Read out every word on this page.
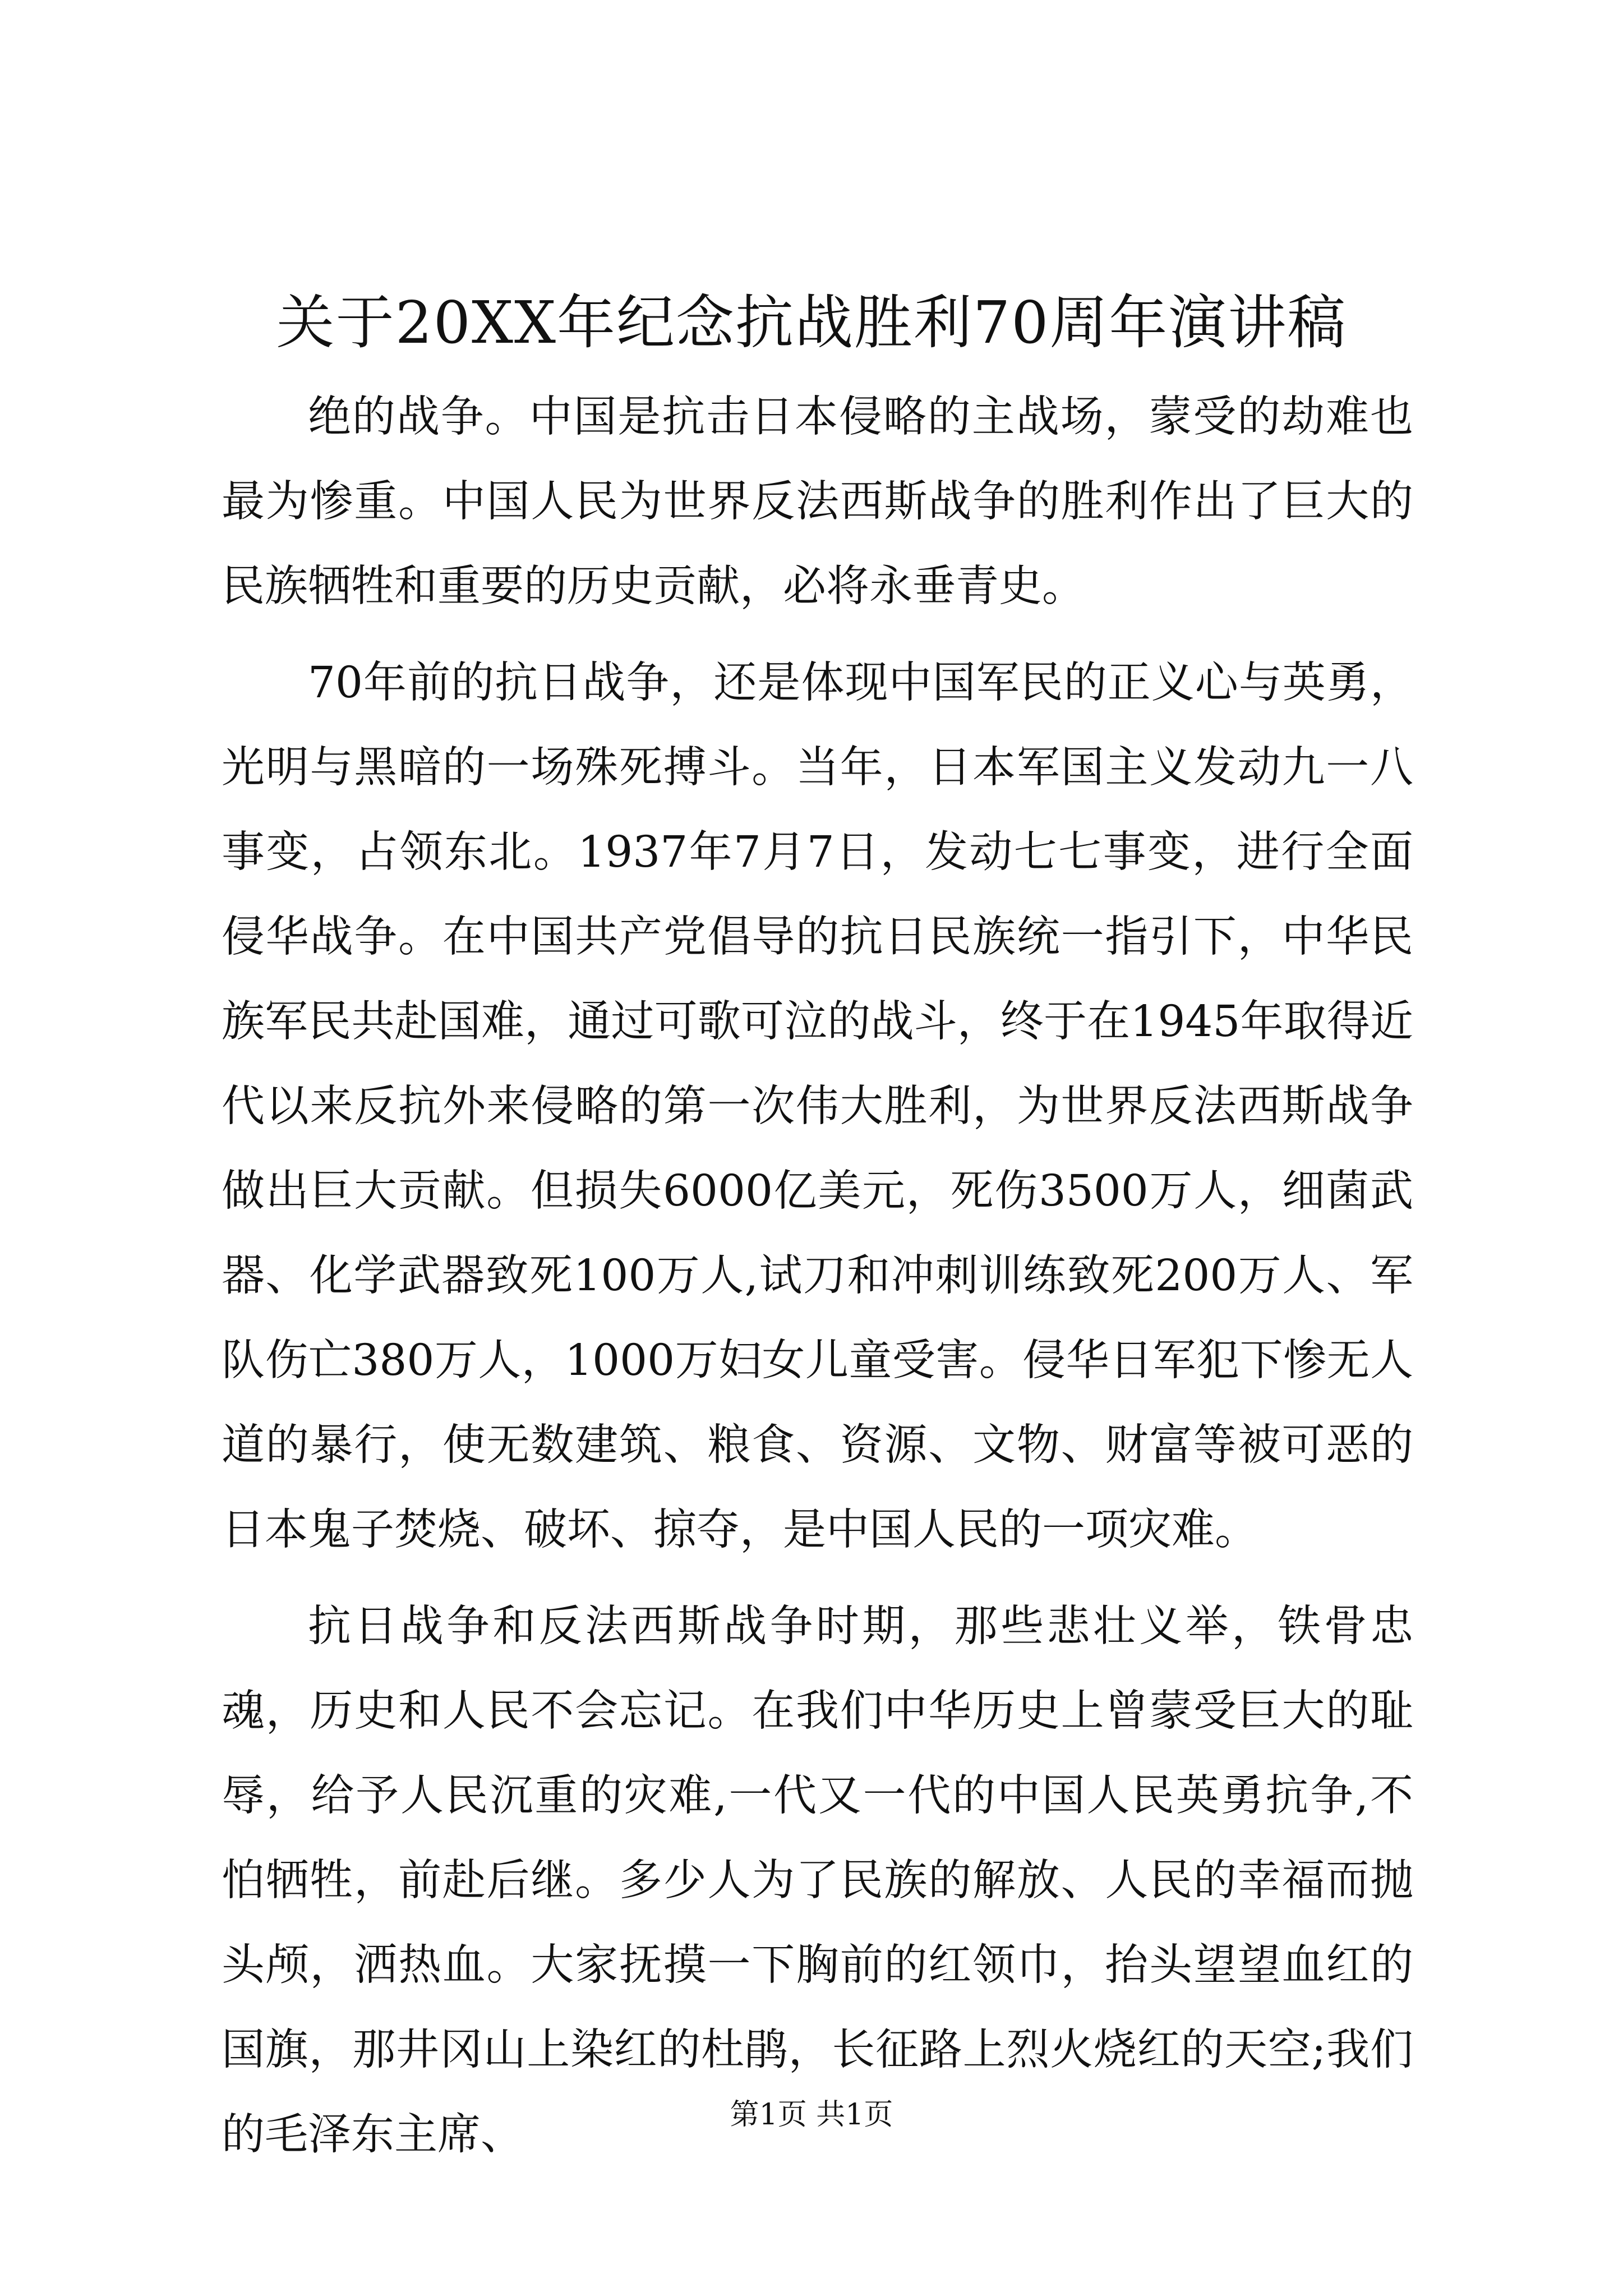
关于20XX年纪念抗战胜利70周年演讲稿

绝的战争。中国是抗击日本侵略的主战场，蒙受的劫难也最为惨重。中国人民为世界反法西斯战争的胜利作出了巨大的民族牺牲和重要的历史贡献，必将永垂青史。

70年前的抗日战争，还是体现中国军民的正义心与英勇，光明与黑暗的一场殊死搏斗。当年，日本军国主义发动九一八事变，占领东北。1937年7月7日，发动七七事变，进行全面侵华战争。在中国共产党倡导的抗日民族统一指引下，中华民族军民共赴国难，通过可歌可泣的战斗，终于在1945年取得近代以来反抗外来侵略的第一次伟大胜利，为世界反法西斯战争做出巨大贡献。但损失6000亿美元，死伤3500万人，细菌武器、化学武器致死100万人,试刀和冲刺训练致死200万人、军队伤亡380万人，1000万妇女儿童受害。侵华日军犯下惨无人道的暴行，使无数建筑、粮食、资源、文物、财富等被可恶的日本鬼子焚烧、破坏、掠夺，是中国人民的一项灾难。

抗日战争和反法西斯战争时期，那些悲壮义举，铁骨忠魂，历史和人民不会忘记。在我们中华历史上曾蒙受巨大的耻辱，给予人民沉重的灾难,一代又一代的中国人民英勇抗争,不怕牺牲，前赴后继。多少人为了民族的解放、人民的幸福而抛头颅，洒热血。大家抚摸一下胸前的红领巾，抬头望望血红的国旗，那井冈山上染红的杜鹃，长征路上烈火烧红的天空;我们的毛泽东主席、	第1页 共1页
